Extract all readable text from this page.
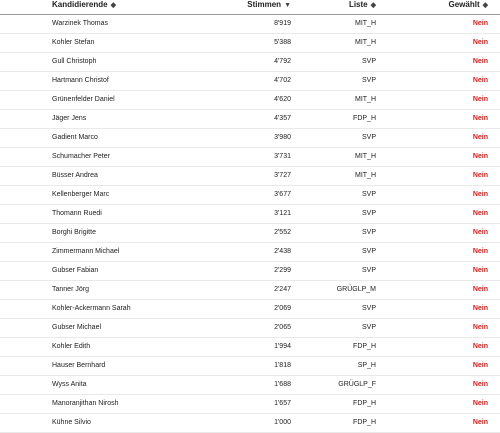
Kandidierende ◆	Stimmen ▼	Liste ◆	Gewählt ◆
Warzinek Thomas	8'919	MIT_H	Nein
Kohler Stefan	5'388	MIT_H	Nein
Gull Christoph	4'792	SVP	Nein
Hartmann Christof	4'702	SVP	Nein
Grünenfelder Daniel	4'620	MIT_H	Nein
Jäger Jens	4'357	FDP_H	Nein
Gadient Marco	3'980	SVP	Nein
Schumacher Peter	3'731	MIT_H	Nein
Büsser Andrea	3'727	MIT_H	Nein
Kellenberger Marc	3'677	SVP	Nein
Thomann Ruedi	3'121	SVP	Nein
Borghi Brigitte	2'552	SVP	Nein
Zimmermann Michael	2'438	SVP	Nein
Gubser Fabian	2'299	SVP	Nein
Tanner Jörg	2'247	GRÜGLP_M	Nein
Kohler-Ackermann Sarah	2'069	SVP	Nein
Gubser Michael	2'065	SVP	Nein
Kohler Edith	1'994	FDP_H	Nein
Hauser Bernhard	1'818	SP_H	Nein
Wyss Anita	1'688	GRÜGLP_F	Nein
Manoranjithan Nirosh	1'657	FDP_H	Nein
Kühne Silvio	1'000	FDP_H	Nein
